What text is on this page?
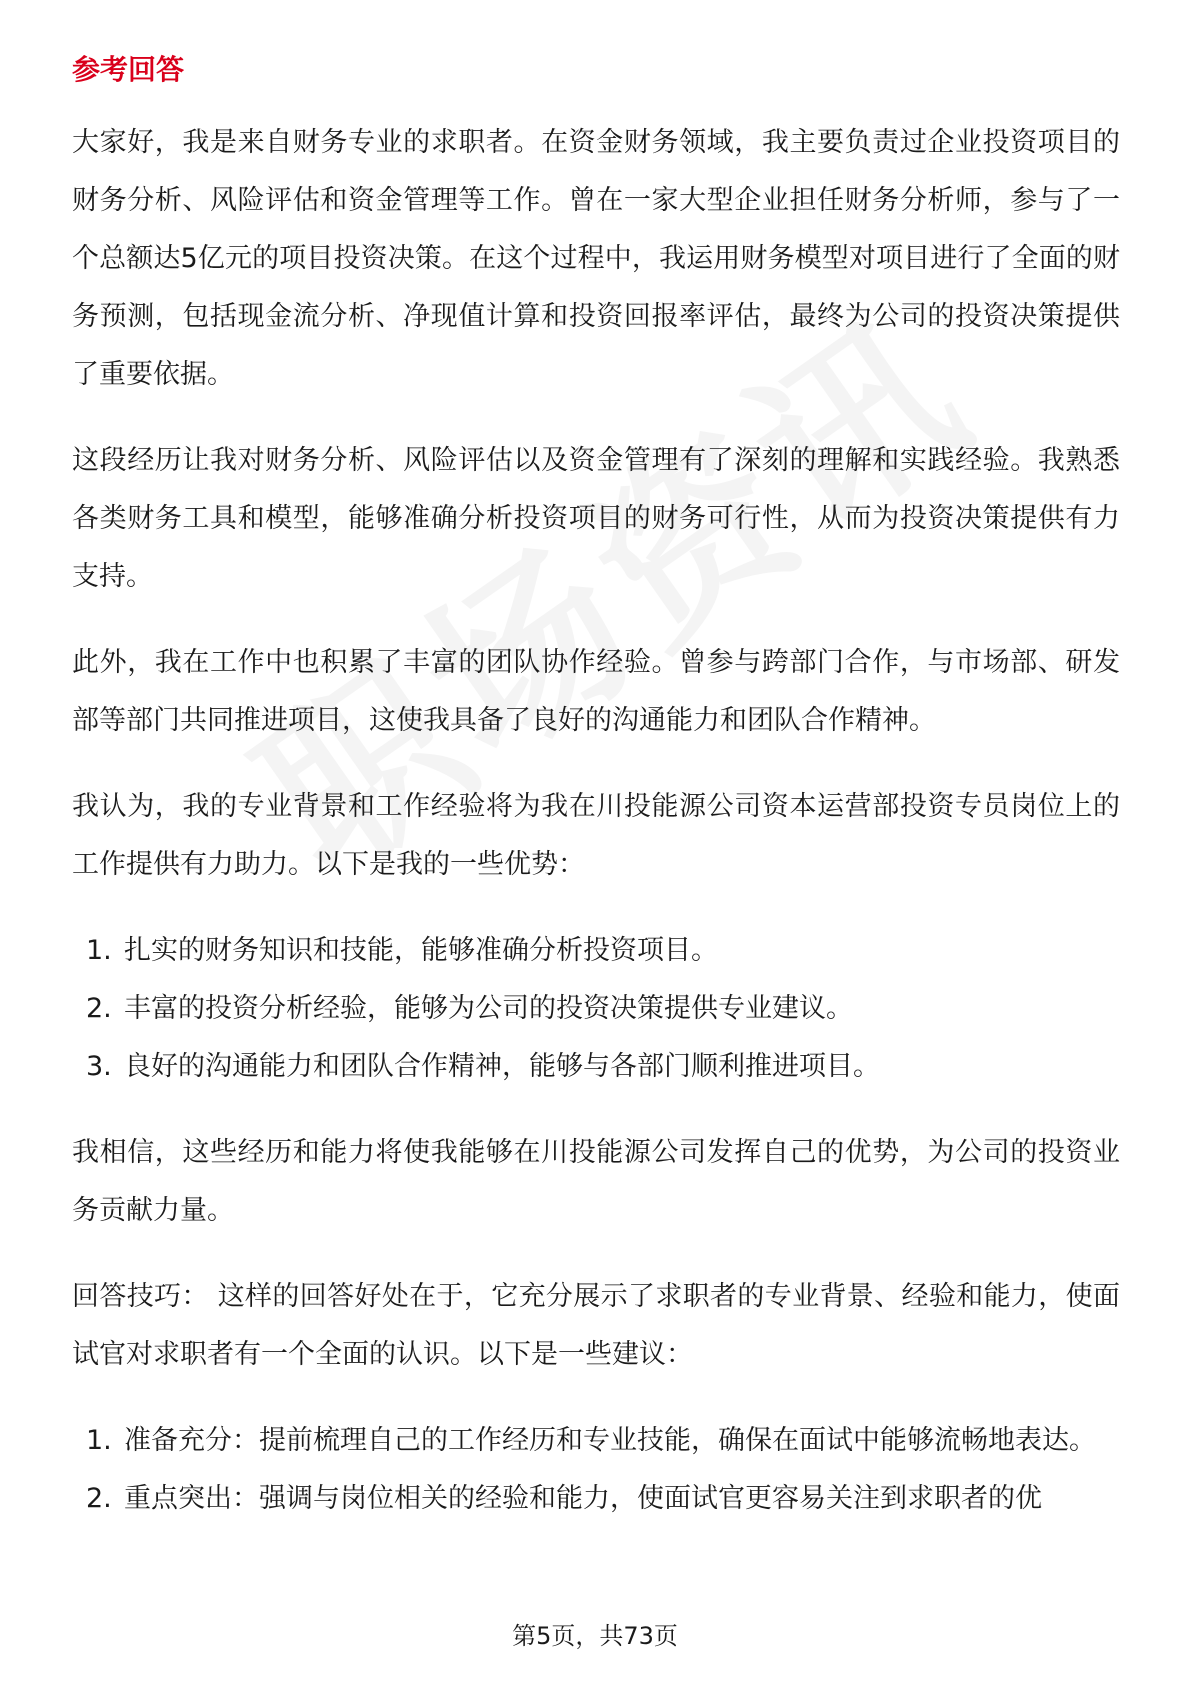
参考回答

大家好，我是来自财务专业的求职者。在资金财务领域，我主要负责过企业投资项目的财务分析、风险评估和资金管理等工作。曾在一家大型企业担任财务分析师，参与了一个总额达5亿元的项目投资决策。在这个过程中，我运用财务模型对项目进行了全面的财务预测，包括现金流分析、净现值计算和投资回报率评估，最终为公司的投资决策提供了重要依据。

这段经历让我对财务分析、风险评估以及资金管理有了深刻的理解和实践经验。我熟悉各类财务工具和模型，能够准确分析投资项目的财务可行性，从而为投资决策提供有力支持。

此外，我在工作中也积累了丰富的团队协作经验。曾参与跨部门合作，与市场部、研发部等部门共同推进项目，这使我具备了良好的沟通能力和团队合作精神。

我认为，我的专业背景和工作经验将为我在川投能源公司资本运营部投资专员岗位上的工作提供有力助力。以下是我的一些优势：

1. 扎实的财务知识和技能，能够准确分析投资项目。
2. 丰富的投资分析经验，能够为公司的投资决策提供专业建议。
3. 良好的沟通能力和团队合作精神，能够与各部门顺利推进项目。

我相信，这些经历和能力将使我能够在川投能源公司发挥自己的优势，为公司的投资业务贡献力量。

回答技巧： 这样的回答好处在于，它充分展示了求职者的专业背景、经验和能力，使面试官对求职者有一个全面的认识。以下是一些建议：

1. 准备充分：提前梳理自己的工作经历和专业技能，确保在面试中能够流畅地表达。
2. 重点突出：强调与岗位相关的经验和能力，使面试官更容易关注到求职者的优
第5页，共73页
